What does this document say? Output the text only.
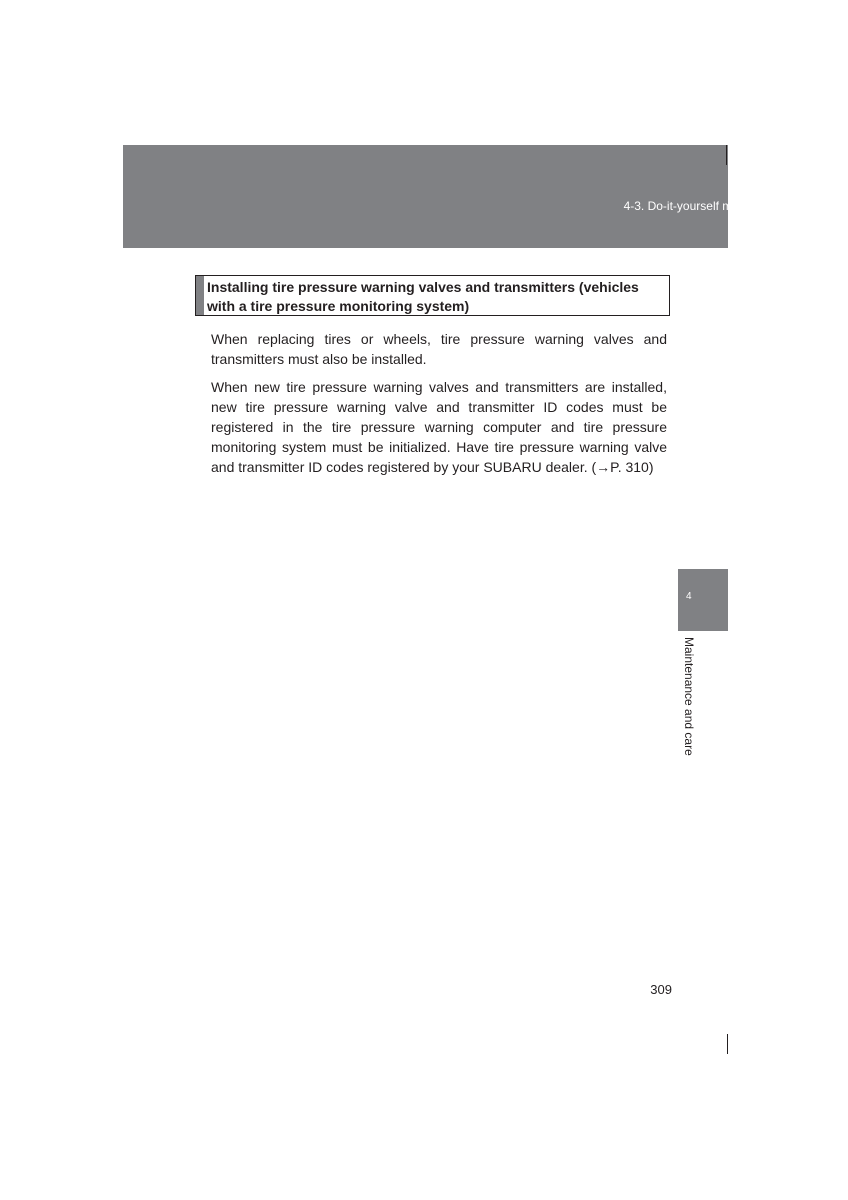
4-3. Do-it-yourself maintenance
Installing tire pressure warning valves and transmitters (vehicles with a tire pressure monitoring system)
When replacing tires or wheels, tire pressure warning valves and transmitters must also be installed.
When new tire pressure warning valves and transmitters are installed, new tire pressure warning valve and transmitter ID codes must be registered in the tire pressure warning computer and tire pressure monitoring system must be initialized. Have tire pressure warning valve and transmitter ID codes registered by your SUBARU dealer. (→P. 310)
4
Maintenance and care
309
